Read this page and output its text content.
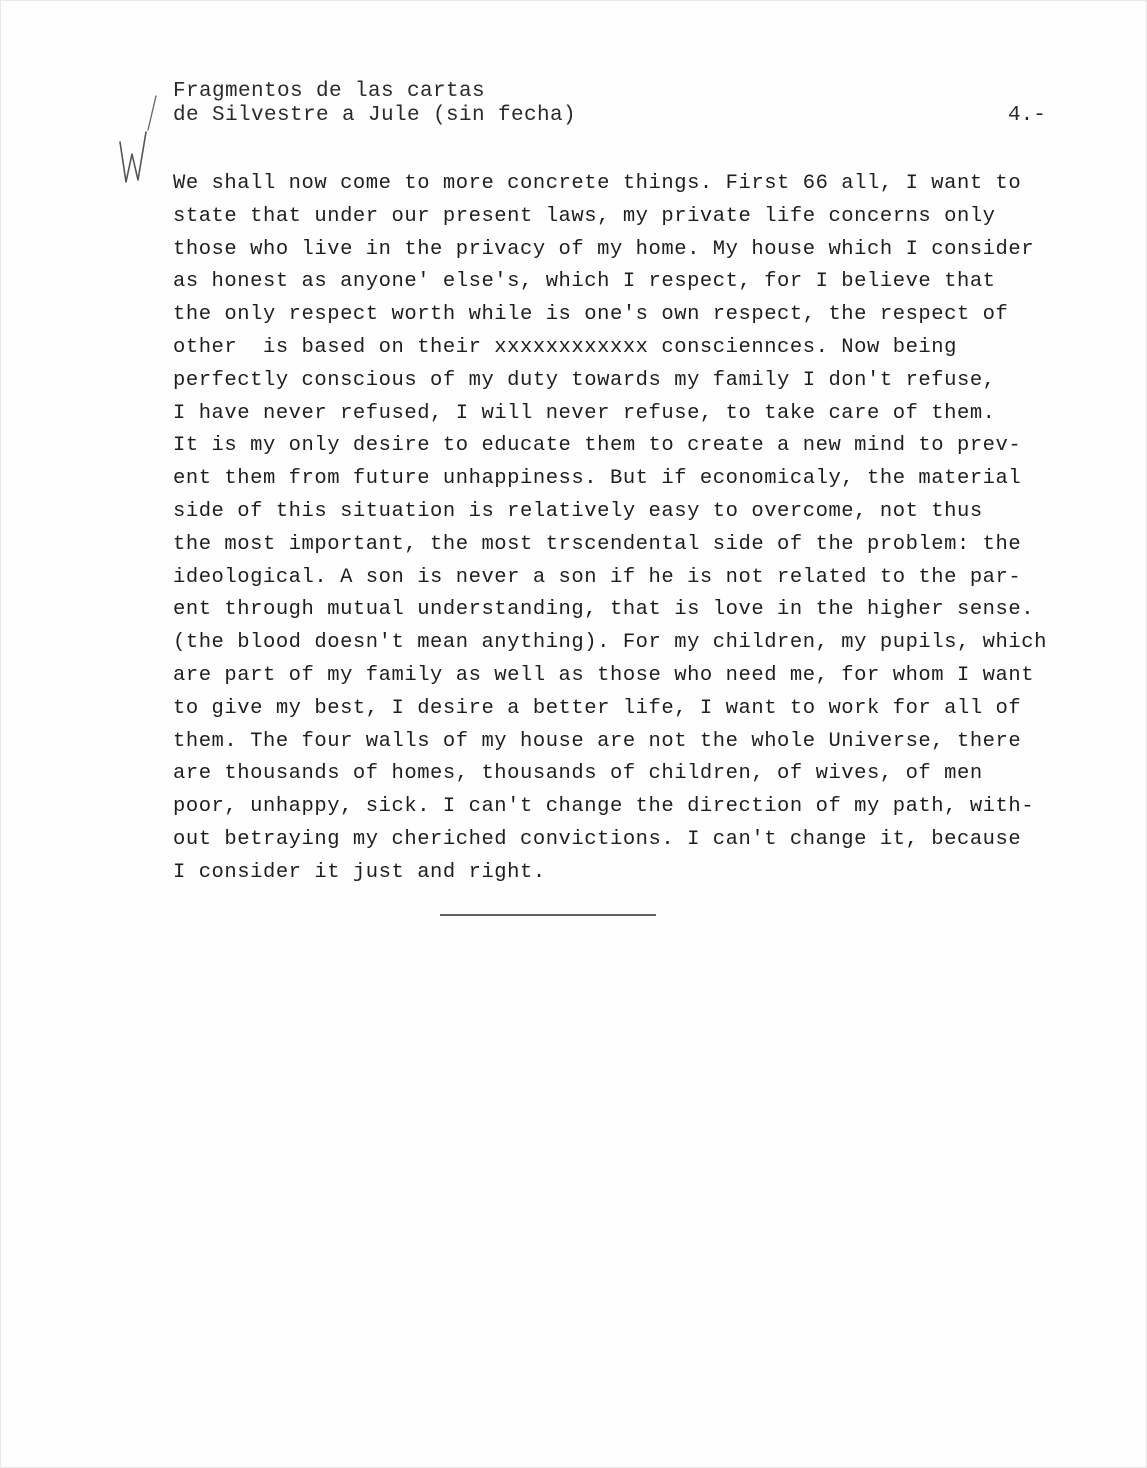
Fragmentos de las cartas
de Silvestre a Jule (sin fecha)	4.-
We shall now come to more concrete things. First 66 all, I want to
state that under our present laws, my private life concerns only
those who live in the privacy of my home. My house which I consider
as honest as anyone' else's, which I respect, for I believe that
the only respect worth while is one's own respect, the respect of
other  is based on their xxxxxxxxxxxx consciennces. Now being
perfectly conscious of my duty towards my family I don't refuse,
I have never refused, I will never refuse, to take care of them.
It is my only desire to educate them to create a new mind to prev-
ent them from future unhappiness. But if economicaly, the material
side of this situation is relatively easy to overcome, not thus
the most important, the most trscendental side of the problem: the
ideological. A son is never a son if he is not related to the par-
ent through mutual understanding, that is love in the higher sense.
(the blood doesn't mean anything). For my children, my pupils, which
are part of my family as well as those who need me, for whom I want
to give my best, I desire a better life, I want to work for all of
them. The four walls of my house are not the whole Universe, there
are thousands of homes, thousands of children, of wives, of men
poor, unhappy, sick. I can't change the direction of my path, with-
out betraying my cheriched convictions. I can't change it, because
I consider it just and right.
